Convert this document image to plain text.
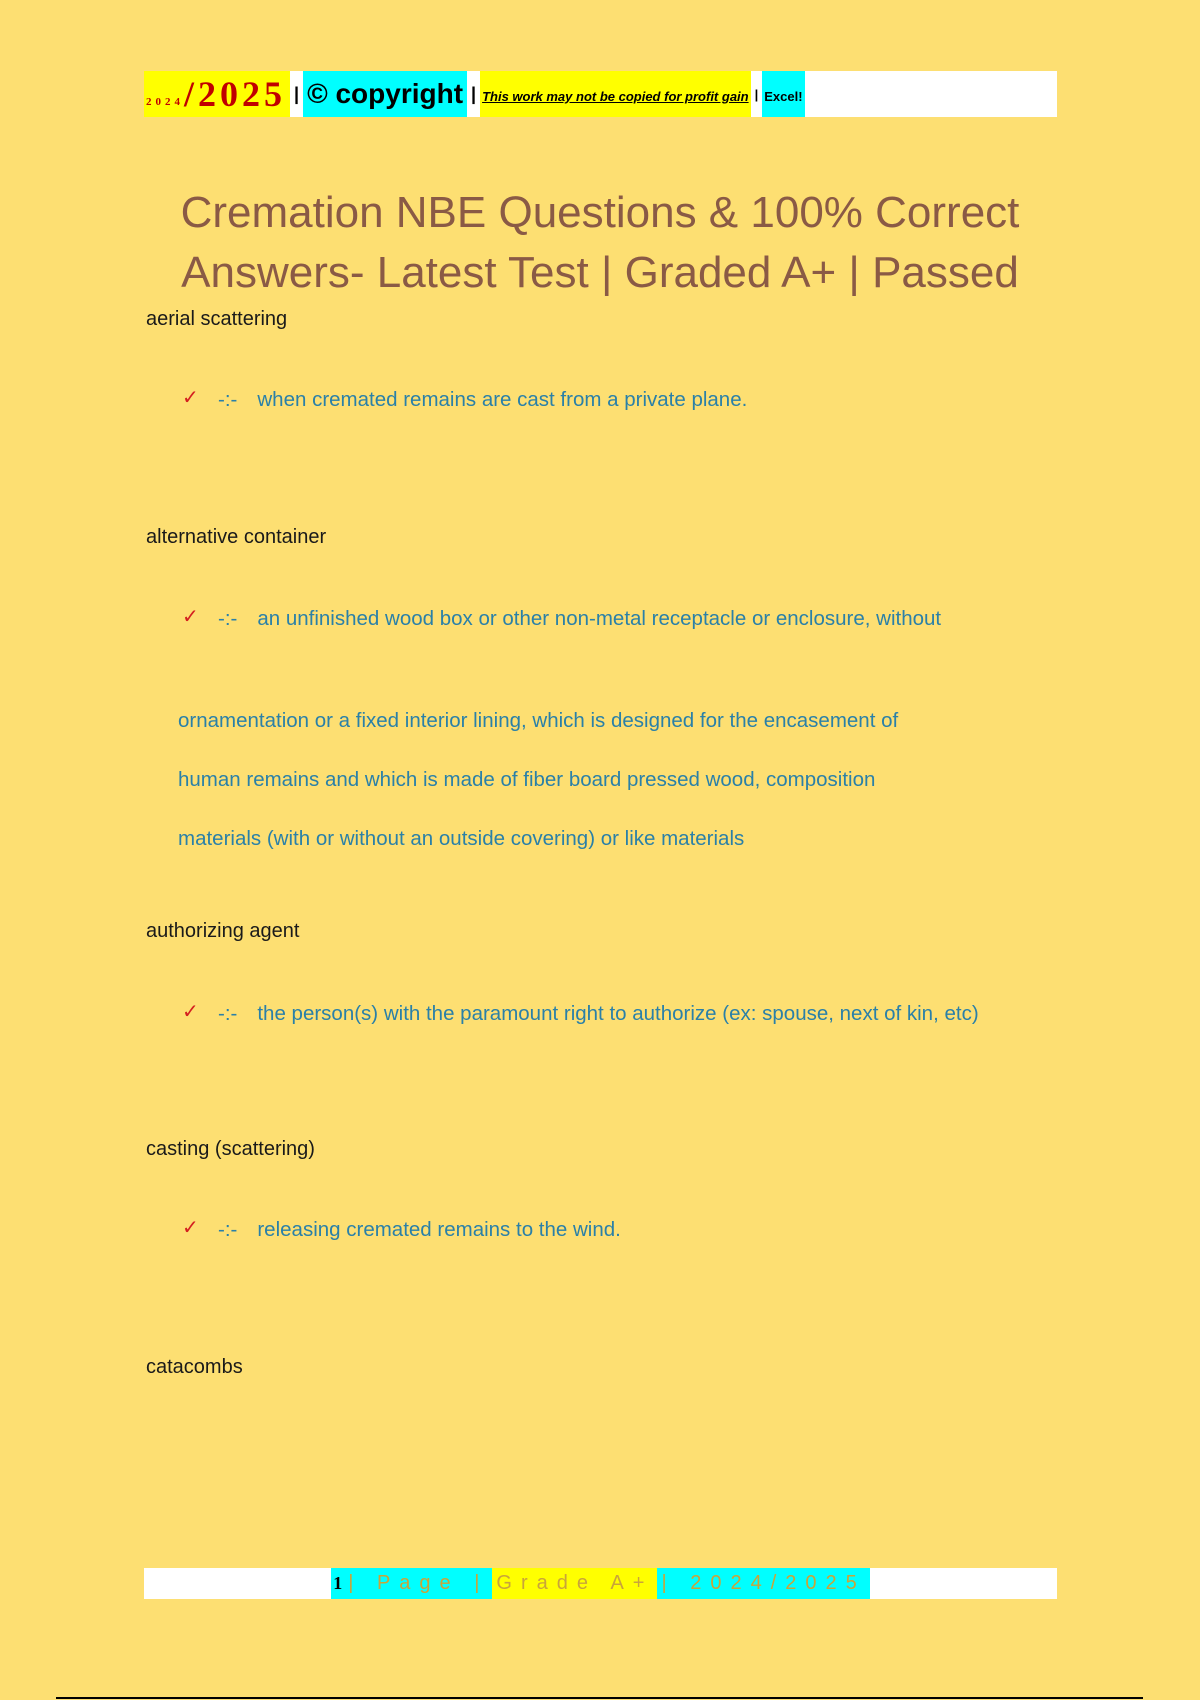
2024 /2025 | © copyright | This work may not be copied for profit gain | Excel!
Cremation NBE Questions & 100% Correct
Answers- Latest Test | Graded A+ | Passed
aerial scattering
✓ -:- when cremated remains are cast from a private plane.
alternative container
✓ -:- an unfinished wood box or other non-metal receptacle or enclosure, without
ornamentation or a fixed interior lining, which is designed for the encasement of
human remains and which is made of fiber board pressed wood, composition
materials (with or without an outside covering) or like materials
authorizing agent
✓ -:- the person(s) with the paramount right to authorize (ex: spouse, next of kin, etc)
casting (scattering)
✓ -:- releasing cremated remains to the wind.
catacombs
1 | Page | Grade A+ | 2024/2025
